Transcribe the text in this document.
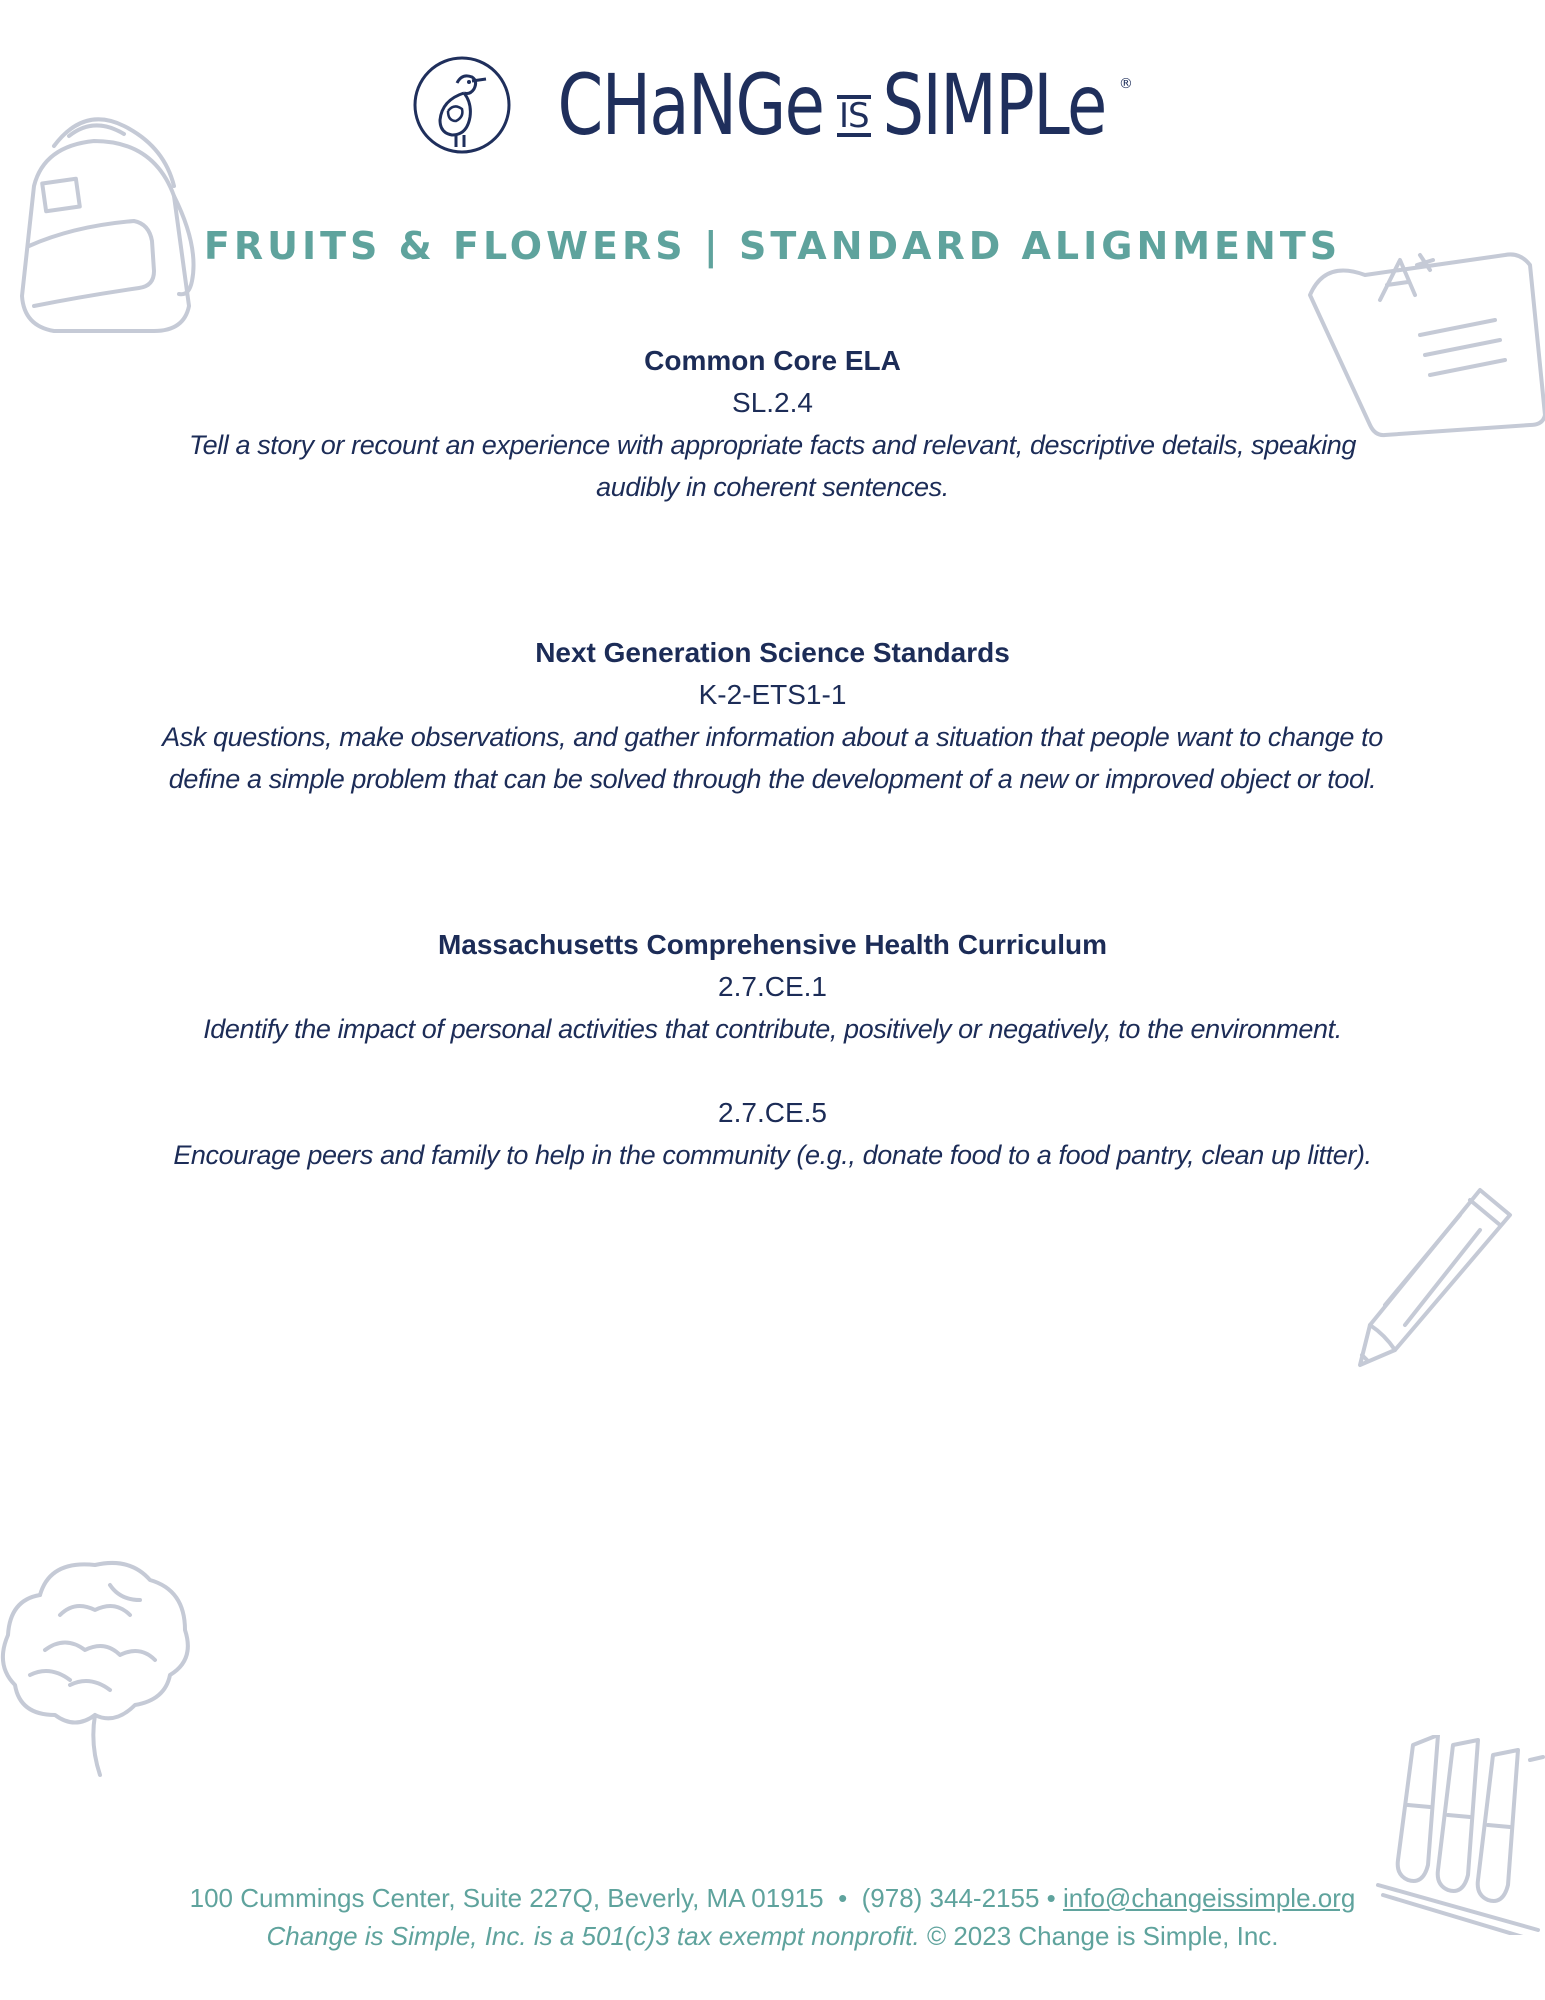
CHaNGe IS SIMPLe ®
FRUITS & FLOWERS | STANDARD ALIGNMENTS
Common Core ELA
SL.2.4
Tell a story or recount an experience with appropriate facts and relevant, descriptive details, speaking audibly in coherent sentences.
Next Generation Science Standards
K-2-ETS1-1
Ask questions, make observations, and gather information about a situation that people want to change to define a simple problem that can be solved through the development of a new or improved object or tool.
Massachusetts Comprehensive Health Curriculum
2.7.CE.1
Identify the impact of personal activities that contribute, positively or negatively, to the environment.
2.7.CE.5
Encourage peers and family to help in the community (e.g., donate food to a food pantry, clean up litter).
100 Cummings Center, Suite 227Q, Beverly, MA 01915 • (978) 344-2155 • info@changeissimple.org
Change is Simple, Inc. is a 501(c)3 tax exempt nonprofit. © 2023 Change is Simple, Inc.
